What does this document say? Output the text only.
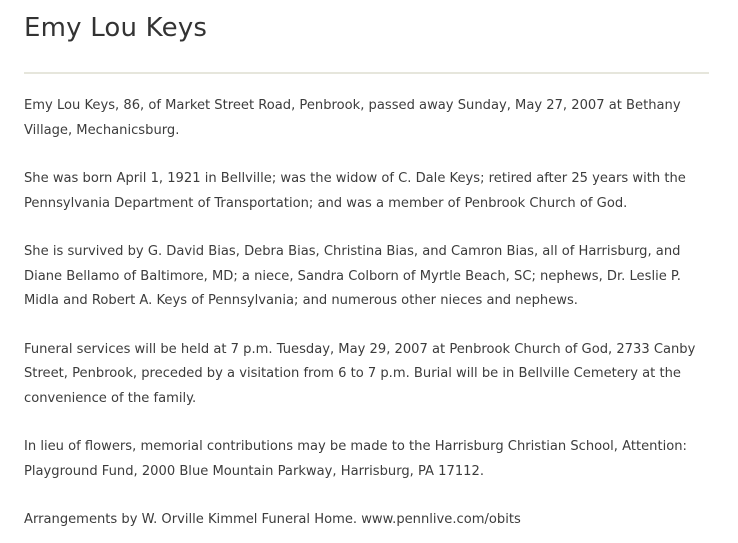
Emy Lou Keys

Emy Lou Keys, 86, of Market Street Road, Penbrook, passed away Sunday, May 27, 2007 at Bethany Village, Mechanicsburg.

She was born April 1, 1921 in Bellville; was the widow of C. Dale Keys; retired after 25 years with the Pennsylvania Department of Transportation; and was a member of Penbrook Church of God.

She is survived by G. David Bias, Debra Bias, Christina Bias, and Camron Bias, all of Harrisburg, and Diane Bellamo of Baltimore, MD; a niece, Sandra Colborn of Myrtle Beach, SC; nephews, Dr. Leslie P. Midla and Robert A. Keys of Pennsylvania; and numerous other nieces and nephews.

Funeral services will be held at 7 p.m. Tuesday, May 29, 2007 at Penbrook Church of God, 2733 Canby Street, Penbrook, preceded by a visitation from 6 to 7 p.m. Burial will be in Bellville Cemetery at the convenience of the family.

In lieu of flowers, memorial contributions may be made to the Harrisburg Christian School, Attention: Playground Fund, 2000 Blue Mountain Parkway, Harrisburg, PA 17112.

Arrangements by W. Orville Kimmel Funeral Home. www.pennlive.com/obits
